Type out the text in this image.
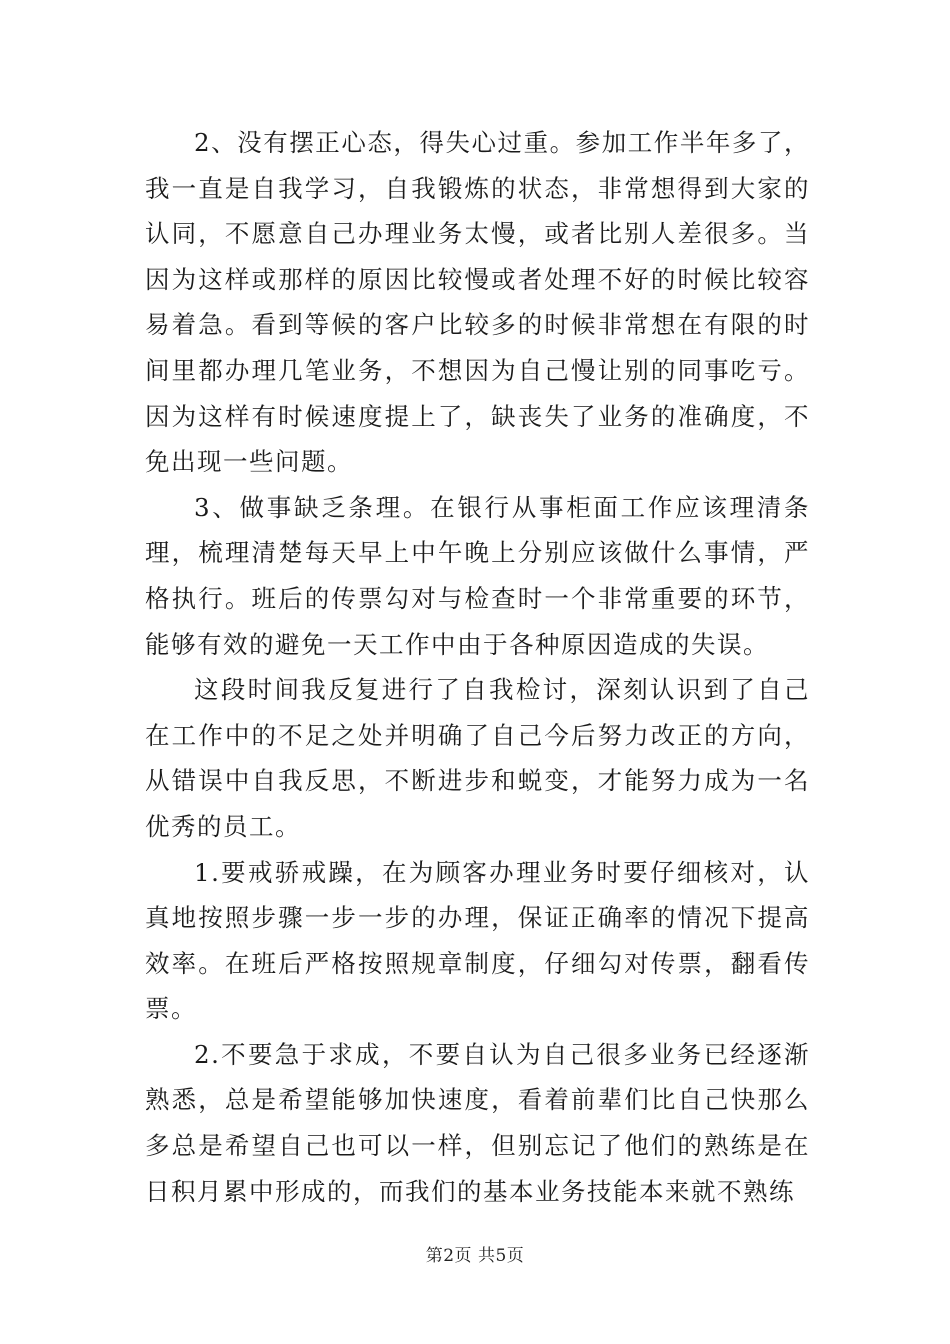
2、没有摆正心态，得失心过重。参加工作半年多了，我一直是自我学习，自我锻炼的状态，非常想得到大家的认同，不愿意自己办理业务太慢，或者比别人差很多。当因为这样或那样的原因比较慢或者处理不好的时候比较容易着急。看到等候的客户比较多的时候非常想在有限的时间里都办理几笔业务，不想因为自己慢让别的同事吃亏。因为这样有时候速度提上了，缺丧失了业务的准确度，不免出现一些问题。

3、做事缺乏条理。在银行从事柜面工作应该理清条理，梳理清楚每天早上中午晚上分别应该做什么事情，严格执行。班后的传票勾对与检查时一个非常重要的环节，能够有效的避免一天工作中由于各种原因造成的失误。

这段时间我反复进行了自我检讨，深刻认识到了自己在工作中的不足之处并明确了自己今后努力改正的方向，从错误中自我反思，不断进步和蜕变，才能努力成为一名优秀的员工。

1.要戒骄戒躁，在为顾客办理业务时要仔细核对，认真地按照步骤一步一步的办理，保证正确率的情况下提高效率。在班后严格按照规章制度，仔细勾对传票，翻看传票。

2.不要急于求成，不要自认为自己很多业务已经逐渐熟悉，总是希望能够加快速度，看着前辈们比自己快那么多总是希望自己也可以一样，但别忘记了他们的熟练是在日积月累中形成的，而我们的基本业务技能本来就不熟练

第2页 共5页
